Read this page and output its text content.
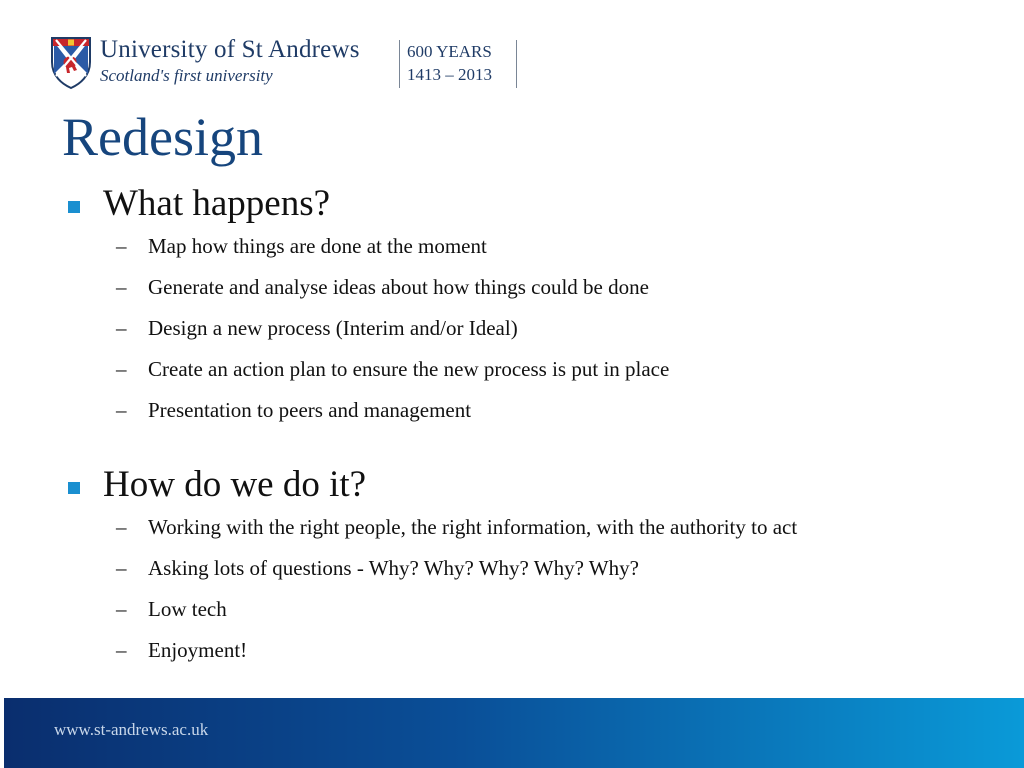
University of St Andrews
Scotland's first university
600 YEARS
1413 – 2013
Redesign
What happens?
– Map how things are done at the moment
– Generate and analyse ideas about how things could be done
– Design a new process (Interim and/or Ideal)
– Create an action plan to ensure the new process is put in place
– Presentation to peers and management
How do we do it?
– Working with the right people, the right information, with the authority to act
– Asking lots of questions - Why? Why? Why? Why? Why?
– Low tech
– Enjoyment!
www.st-andrews.ac.uk
